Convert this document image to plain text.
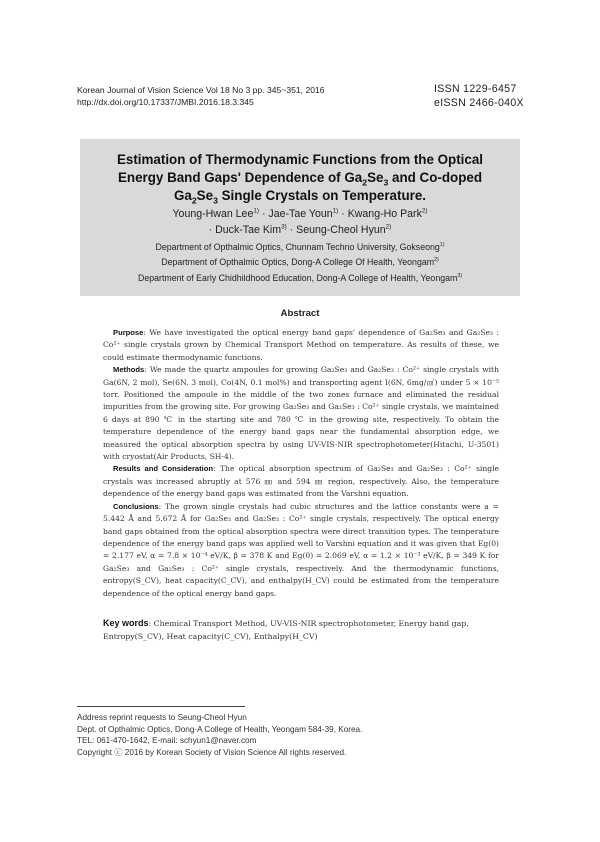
Korean Journal of Vision Science Vol 18 No 3 pp. 345~351, 2016
http://dx.doi.org/10.17337/JMBI.2016.18.3.345
ISSN 1229-6457
eISSN 2466-040X
Estimation of Thermodynamic Functions from the Optical
Energy Band Gaps' Dependence of $Ga_2Se_3$ and Co-doped
$Ga_2Se_3$ Single Crystals on Temperature.
Young-Hwan Lee$^{1)}$ · Jae-Tae Youn$^{1)}$ · Kwang-Ho Park$^{2)}$
· Duck-Tae Kim$^{3)}$ · Seung-Cheol Hyun$^{2)}$
Department of Opthalmic Optics, Chunnam Techno University, Gokseong$^{1)}$
Department of Opthalmic Optics, Dong-A College Of Health, Yeongam$^{2)}$
Department of Early Chidhildhood Education, Dong-A College of Health, Yeongam$^{3)}$
Abstract

Purpose: We have investigated the optical energy band gaps' dependence of Ga₂Se₃ and Ga₂Se₃ : Co²⁺ single crystals grown by Chemical Transport Method on temperature. As results of these, we could estimate thermodynamic functions.

Methods: We made the quartz ampoules for growing Ga₂Se₃ and Ga₂Se₃ : Co²⁺ single crystals with Ga(6N, 2 mol), Se(6N, 3 mol), Co(4N, 0.1 mol%) and transporting agent I(6N, 6mg/㎤) under 5 × 10⁻⁵ torr. Positioned the ampoule in the middle of the two zones furnace and eliminated the residual impurities from the growing site. For growing Ga₂Se₃ and Ga₂Se₃ : Co²⁺ single crystals, we maintained 6 days at 890 ℃ in the starting site and 780 ℃ in the growing site, respectively. To obtain the temperature dependence of the energy band gaps near the fundamental absorption edge, we measured the optical absorption spectra by using UV-VIS-NIR spectrophotometer(Hitachi, U-3501) with cryostat(Air Products, SH-4).

Results and Consideration: The optical absorption spectrum of Ga₂Se₃ and Ga₂Se₃ : Co²⁺ single crystals was increased abruptly at 576 ㎚ and 594 ㎚ region, respectively. Also, the temperature dependence of the energy band gaps was estimated from the Varshni equation.

Conclusions: The grown single crystals had cubic structures and the lattice constants were a = 5.442 Å and 5.672 Å for Ga₂Se₃ and Ga₂Se₃ : Co²⁺ single crystals, respectively. The optical energy band gaps obtained from the optical absorption spectra were direct transition types. The temperature dependence of the energy band gaps was applied well to Varshni equation and it was given that Eg(0) = 2.177 eV, α = 7.8 × 10⁻⁴ eV/K, β = 378 K and Eg(0) = 2.069 eV, α = 1.2 × 10⁻³ eV/K, β = 349 K for Ga₂Se₃ and Ga₂Se₃ : Co²⁺ single crystals, respectively. And the thermodynamic functions, entropy(S_CV), heat capacity(C_CV), and enthalpy(H_CV) could be estimated from the temperature dependence of the optical energy band gaps.

Key words: Chemical Transport Method, UV-VIS-NIR spectrophotometer, Energy band gap, Entropy(S_CV), Heat capacity(C_CV), Enthalpy(H_CV)
Address reprint requests to Seung-Cheol Hyun
Dept. of Opthalmic Optics, Dong-A College of Health, Yeongam 584-39, Korea.
TEL: 061-470-1642, E-mail: schyun1@naver.com
Copyright ⓒ 2016 by Korean Society of Vision Science All rights reserved.
